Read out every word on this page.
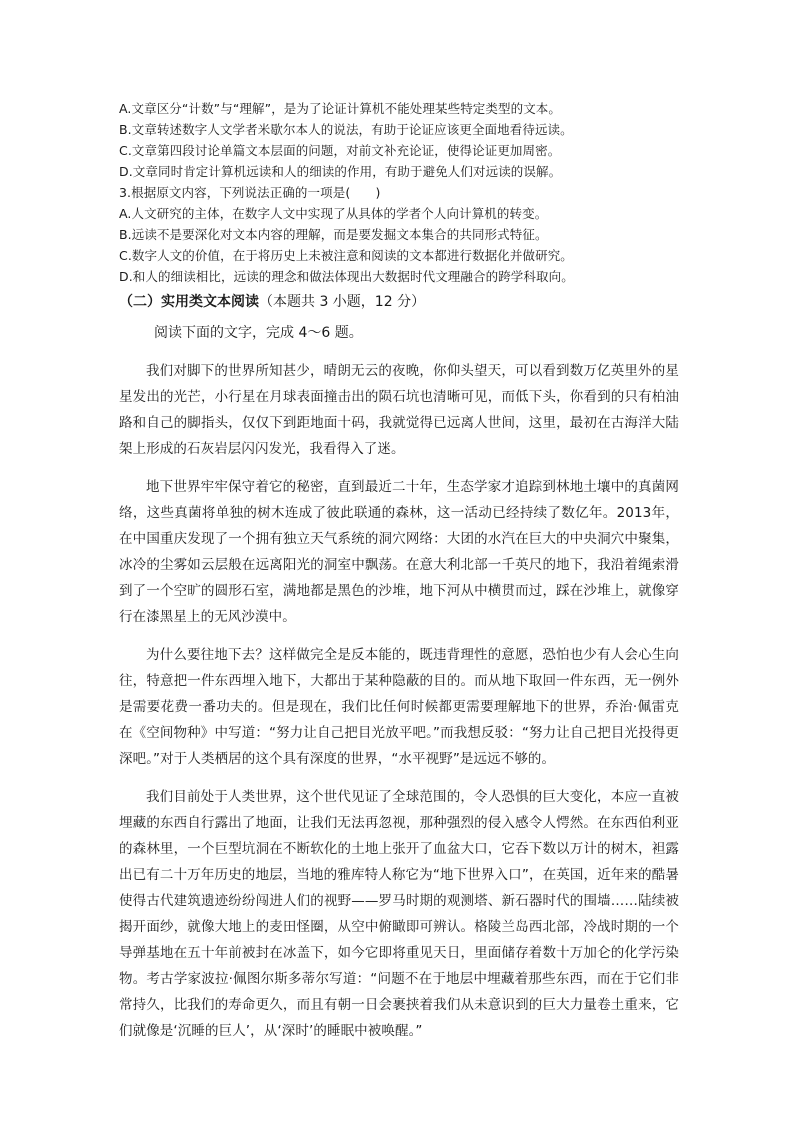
A.文章区分“计数”与“理解”，是为了论证计算机不能处理某些特定类型的文本。
B.文章转述数字人文学者米歇尔本人的说法，有助于论证应该更全面地看待远读。
C.文章第四段讨论单篇文本层面的问题，对前文补充论证，使得论证更加周密。
D.文章同时肯定计算机远读和人的细读的作用，有助于避免人们对远读的误解。
3.根据原文内容，下列说法正确的一项是(　　)
A.人文研究的主体，在数字人文中实现了从具体的学者个人向计算机的转变。
B.远读不是要深化对文本内容的理解，而是要发掘文本集合的共同形式特征。
C.数字人文的价值，在于将历史上未被注意和阅读的文本都进行数据化并做研究。
D.和人的细读相比，远读的理念和做法体现出大数据时代文理融合的跨学科取向。
（二）实用类文本阅读（本题共 3 小题，12 分）
阅读下面的文字，完成 4～6 题。

我们对脚下的世界所知甚少，晴朗无云的夜晚，你仰头望天，可以看到数万亿英里外的星星发出的光芒，小行星在月球表面撞击出的陨石坑也清晰可见，而低下头，你看到的只有柏油路和自己的脚指头，仅仅下到距地面十码，我就觉得已远离人世间，这里，最初在古海洋大陆架上形成的石灰岩层闪闪发光，我看得入了迷。

地下世界牢牢保守着它的秘密，直到最近二十年，生态学家才追踪到林地土壤中的真菌网络，这些真菌将单独的树木连成了彼此联通的森林，这一活动已经持续了数亿年。2013年，在中国重庆发现了一个拥有独立天气系统的洞穴网络：大团的水汽在巨大的中央洞穴中聚集，冰冷的尘雾如云层般在远离阳光的洞室中飘荡。在意大利北部一千英尺的地下，我沿着绳索滑到了一个空旷的圆形石室，满地都是黑色的沙堆，地下河从中横贯而过，踩在沙堆上，就像穿行在漆黑星上的无风沙漠中。

为什么要往地下去？这样做完全是反本能的，既违背理性的意愿，恐怕也少有人会心生向往，特意把一件东西埋入地下，大都出于某种隐蔽的目的。而从地下取回一件东西，无一例外是需要花费一番功夫的。但是现在，我们比任何时候都更需要理解地下的世界，乔治·佩雷克在《空间物种》中写道：“努力让自己把目光放平吧。”而我想反驳：“努力让自己把目光投得更深吧。”对于人类栖居的这个具有深度的世界，“水平视野”是远远不够的。

我们目前处于人类世界，这个世代见证了全球范围的，令人恐惧的巨大变化，本应一直被埋藏的东西自行露出了地面，让我们无法再忽视，那种强烈的侵入感令人愕然。在东西伯利亚的森林里，一个巨型坑洞在不断软化的土地上张开了血盆大口，它吞下数以万计的树木，袒露出已有二十万年历史的地层，当地的雅库特人称它为“地下世界入口”，在英国，近年来的酷暑使得古代建筑遗迹纷纷闯进人们的视野——罗马时期的观测塔、新石器时代的围墙……陆续被揭开面纱，就像大地上的麦田怪圈，从空中俯瞰即可辨认。格陵兰岛西北部，冷战时期的一个导弹基地在五十年前被封在冰盖下，如今它即将重见天日，里面储存着数十万加仑的化学污染物。考古学家波拉·佩图尔斯多蒂尔写道：“问题不在于地层中埋藏着那些东西，而在于它们非常持久，比我们的寿命更久，而且有朝一日会裹挟着我们从未意识到的巨大力量卷土重来，它们就像是‘沉睡的巨人’，从‘深时’的睡眠中被唤醒。”
